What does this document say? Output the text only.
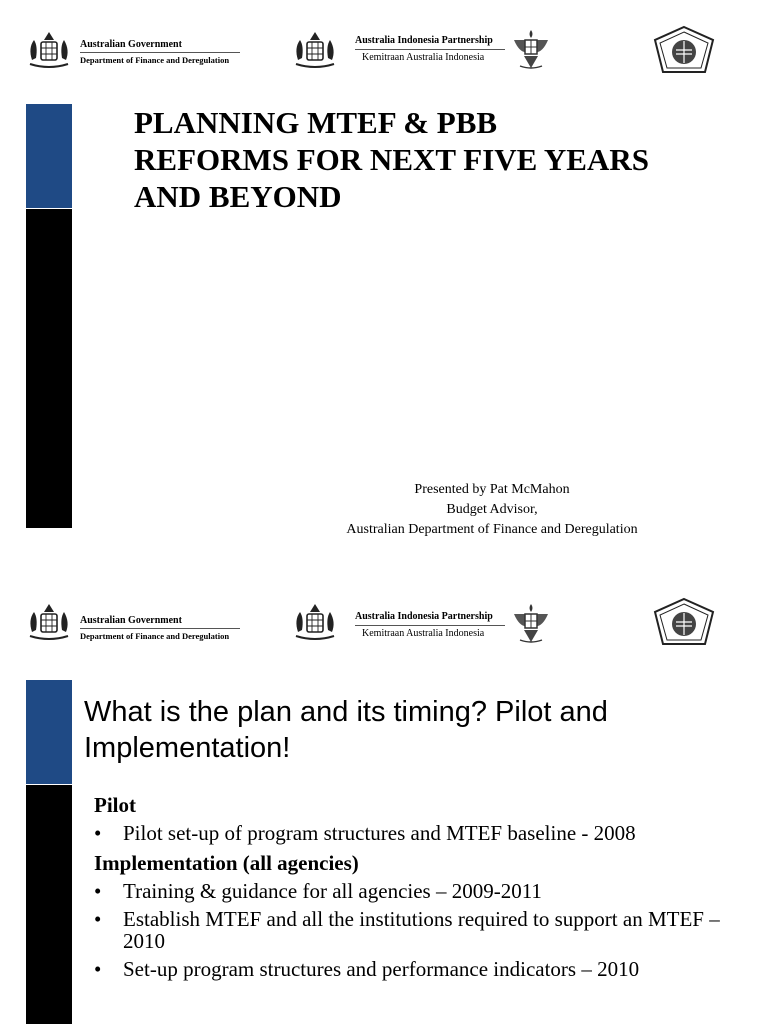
Australian Government
Department of Finance and Deregulation
Australia Indonesia Partnership
Kemitraan Australia Indonesia
PLANNING MTEF & PBB
REFORMS FOR NEXT FIVE YEARS
AND BEYOND
Presented by Pat McMahon
Budget Advisor,
Australian Department of Finance and Deregulation
Australian Government
Department of Finance and Deregulation
Australia Indonesia Partnership
Kemitraan Australia Indonesia
What is the plan and its timing? Pilot and
Implementation!
Pilot
• Pilot set-up of program structures and MTEF baseline - 2008
Implementation (all agencies)
• Training & guidance for all agencies – 2009-2011
• Establish MTEF and all the institutions required to support an MTEF – 2010
• Set-up program structures and performance indicators – 2010
